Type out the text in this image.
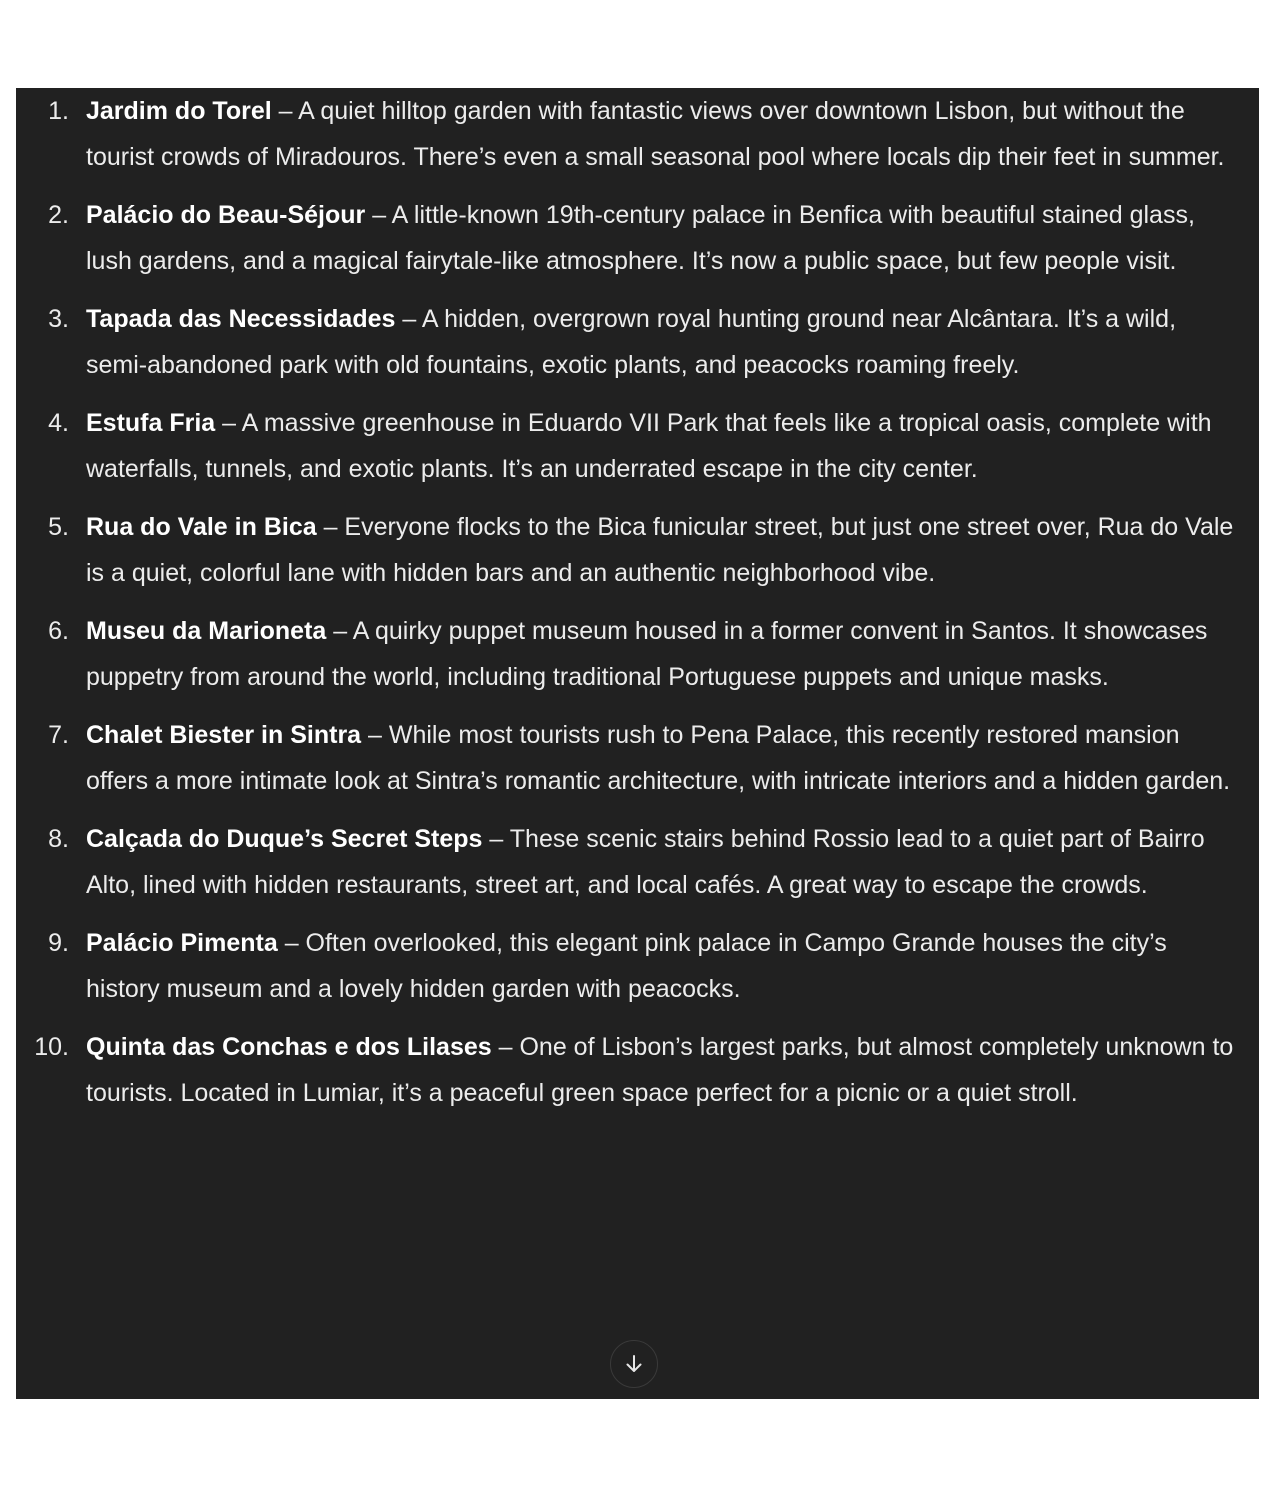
1. Jardim do Torel – A quiet hilltop garden with fantastic views over downtown Lisbon, but without the tourist crowds of Miradouros. There’s even a small seasonal pool where locals dip their feet in summer.
2. Palácio do Beau-Séjour – A little-known 19th-century palace in Benfica with beautiful stained glass, lush gardens, and a magical fairytale-like atmosphere. It’s now a public space, but few people visit.
3. Tapada das Necessidades – A hidden, overgrown royal hunting ground near Alcântara. It’s a wild, semi-abandoned park with old fountains, exotic plants, and peacocks roaming freely.
4. Estufa Fria – A massive greenhouse in Eduardo VII Park that feels like a tropical oasis, complete with waterfalls, tunnels, and exotic plants. It’s an underrated escape in the city center.
5. Rua do Vale in Bica – Everyone flocks to the Bica funicular street, but just one street over, Rua do Vale is a quiet, colorful lane with hidden bars and an authentic neighborhood vibe.
6. Museu da Marioneta – A quirky puppet museum housed in a former convent in Santos. It showcases puppetry from around the world, including traditional Portuguese puppets and unique masks.
7. Chalet Biester in Sintra – While most tourists rush to Pena Palace, this recently restored mansion offers a more intimate look at Sintra’s romantic architecture, with intricate interiors and a hidden garden.
8. Calçada do Duque’s Secret Steps – These scenic stairs behind Rossio lead to a quiet part of Bairro Alto, lined with hidden restaurants, street art, and local cafés. A great way to escape the crowds.
9. Palácio Pimenta – Often overlooked, this elegant pink palace in Campo Grande houses the city’s history museum and a lovely hidden garden with peacocks.
10. Quinta das Conchas e dos Lilases – One of Lisbon’s largest parks, but almost completely unknown to tourists. Located in Lumiar, it’s a peaceful green space perfect for a picnic or a quiet stroll.
